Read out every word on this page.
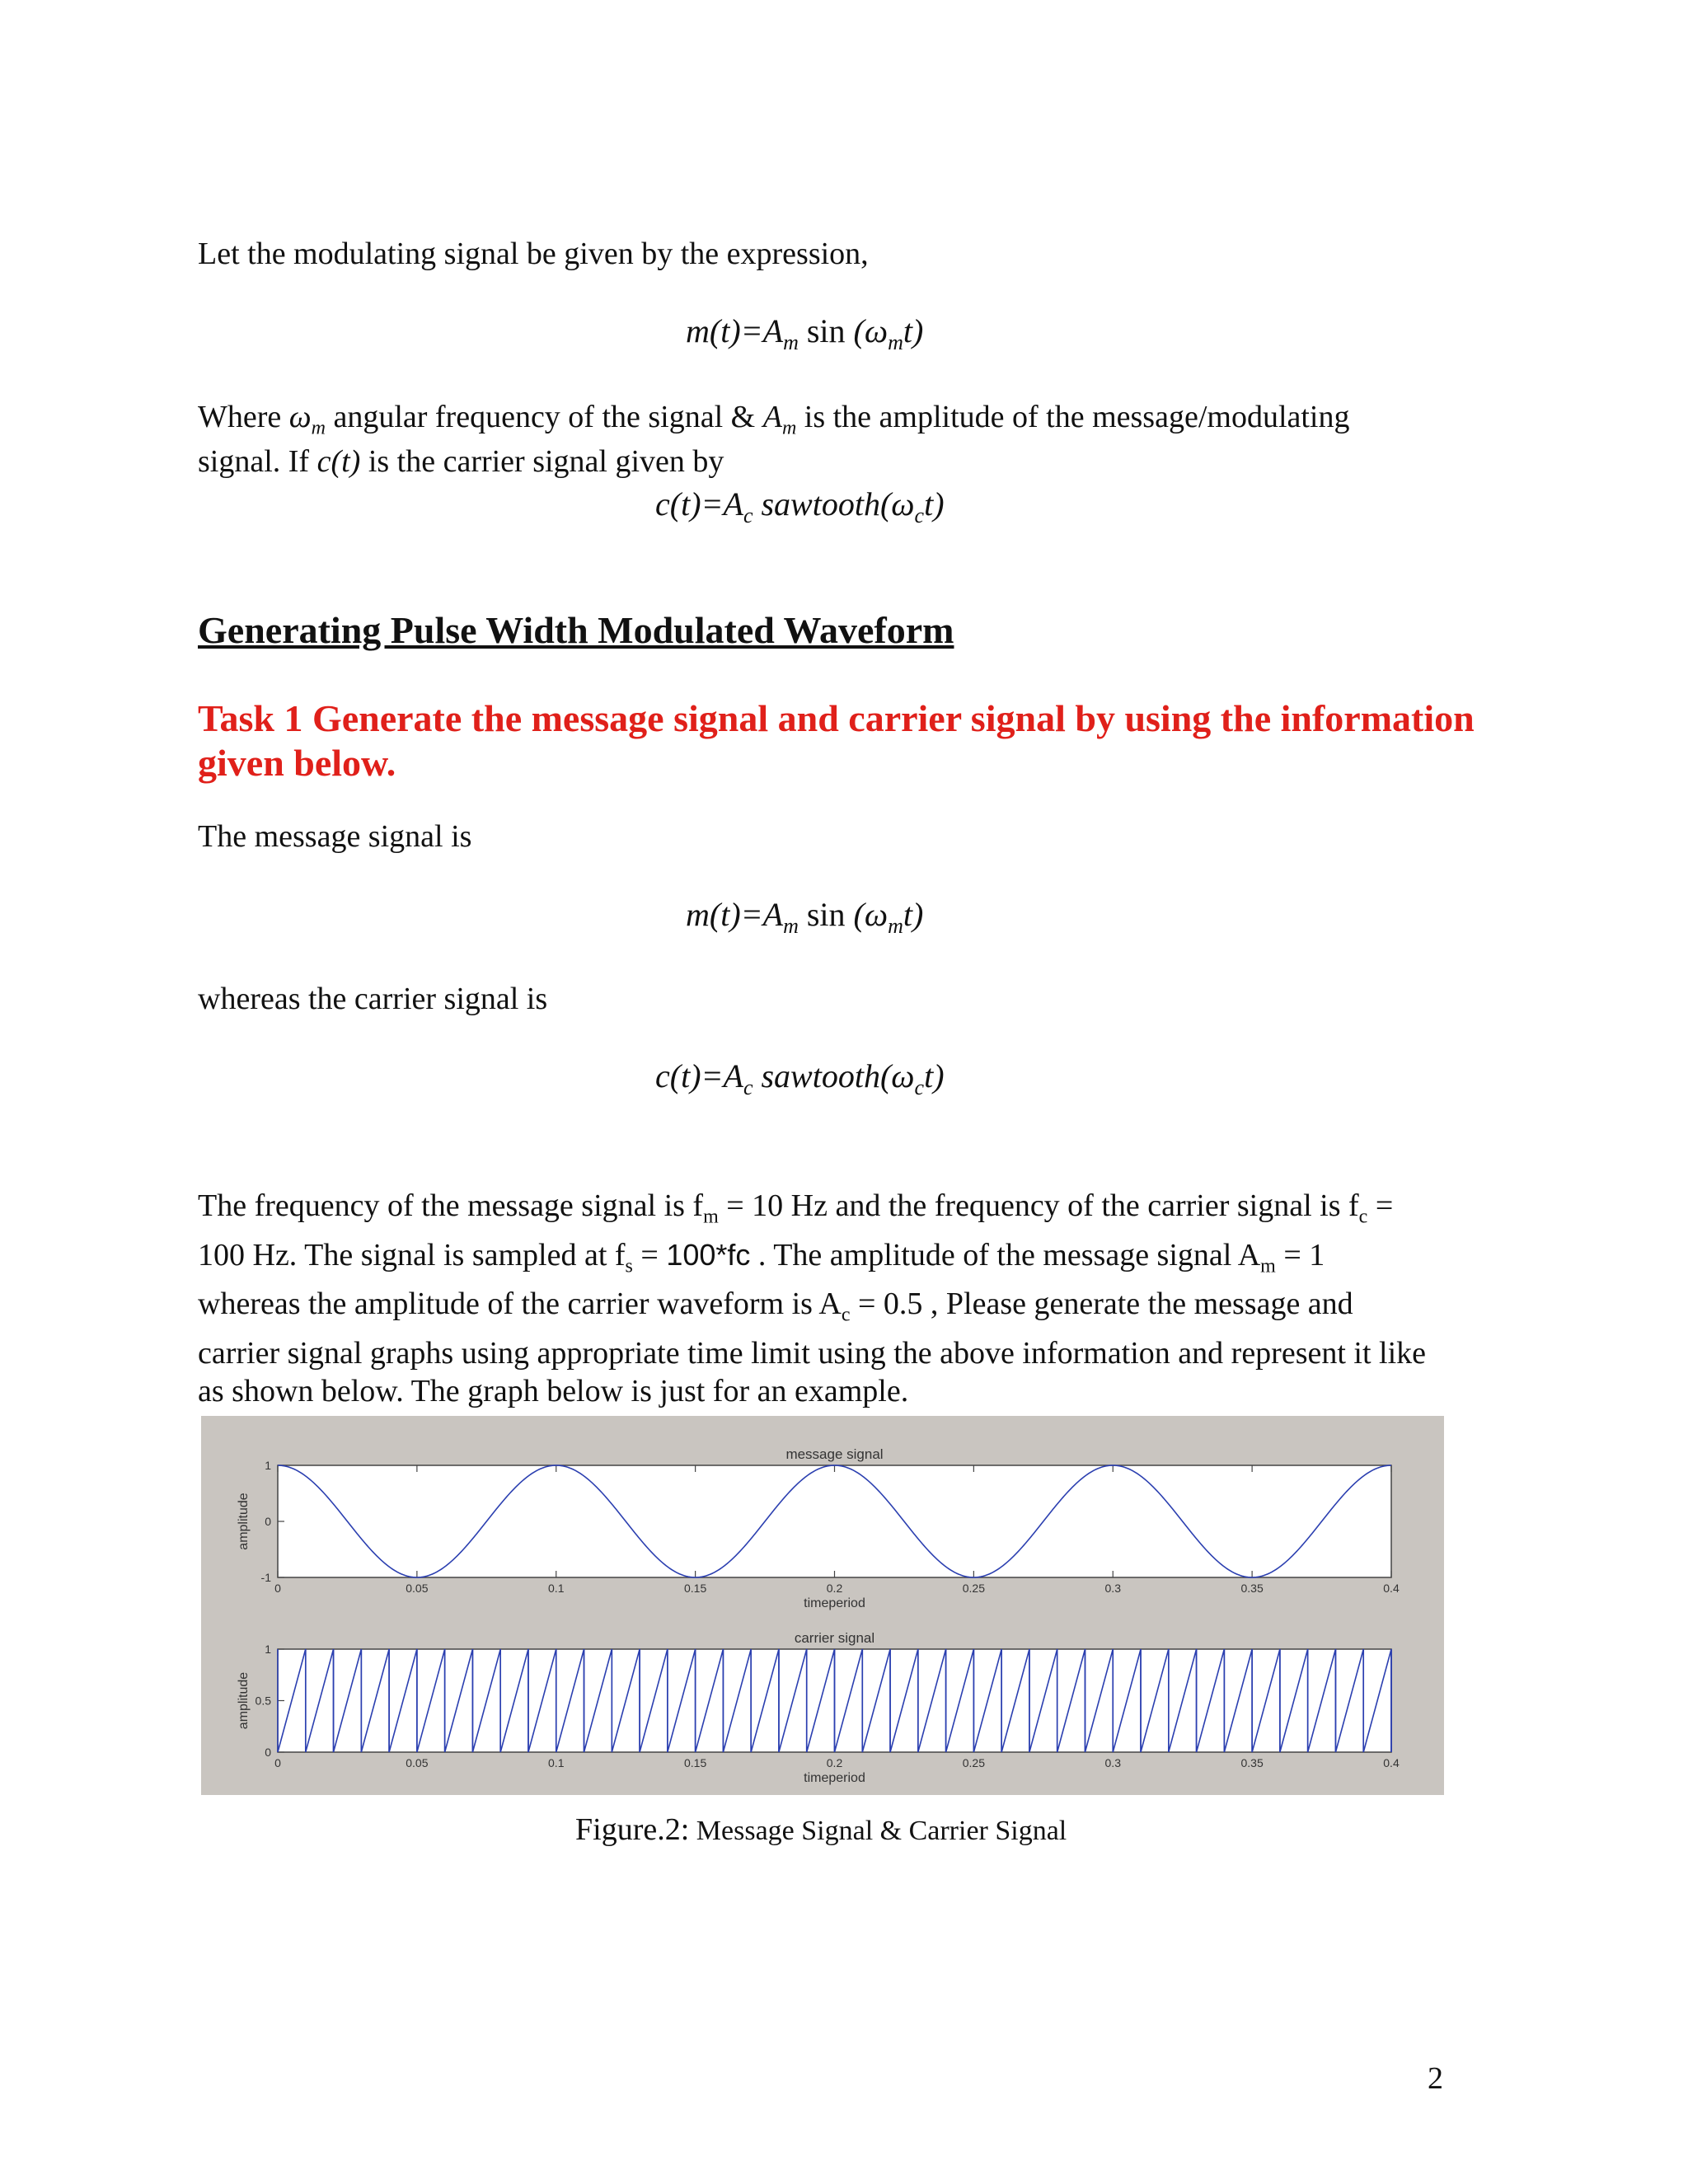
Let the modulating signal be given by the expression,
$m(t)=A_m$ $\sin (\omega_mt)$
Where $\omega_m$ angular frequency of the signal & $A_m$ is the amplitude of the message/modulating
signal. If c(t) is the carrier signal given by
$c(t)=A_c$ $sawtooth(\omega_ct)$
Generating Pulse Width Modulated Waveform
Task 1 Generate the message signal and carrier signal by using the information given below.
The message signal is
$m(t)=A_m$ $\sin (\omega_mt)$
whereas the carrier signal is
$c(t)=A_c$ $sawtooth(\omega_ct)$
The frequency of the message signal is $f_m = 10$ Hz and the frequency of the carrier signal is $f_c = 100$ Hz. The signal is sampled at $f_s = 100*fc$ . The amplitude of the message signal $A_m = 1$ whereas the amplitude of the carrier waveform is $A_c = 0.5$ , Please generate the message and carrier signal graphs using appropriate time limit using the above information and represent it like as shown below. The graph below is just for an example.
message signal
0	0.05	0.1	0.15	0.2	0.25	0.3	0.35	0.4
timeperiod
1
0
-1
amplitude
carrier signal
0	0.05	0.1	0.15	0.2	0.25	0.3	0.35	0.4
timeperiod
1
0.5
0
amplitude
Figure.2: Message Signal & Carrier Signal
2
